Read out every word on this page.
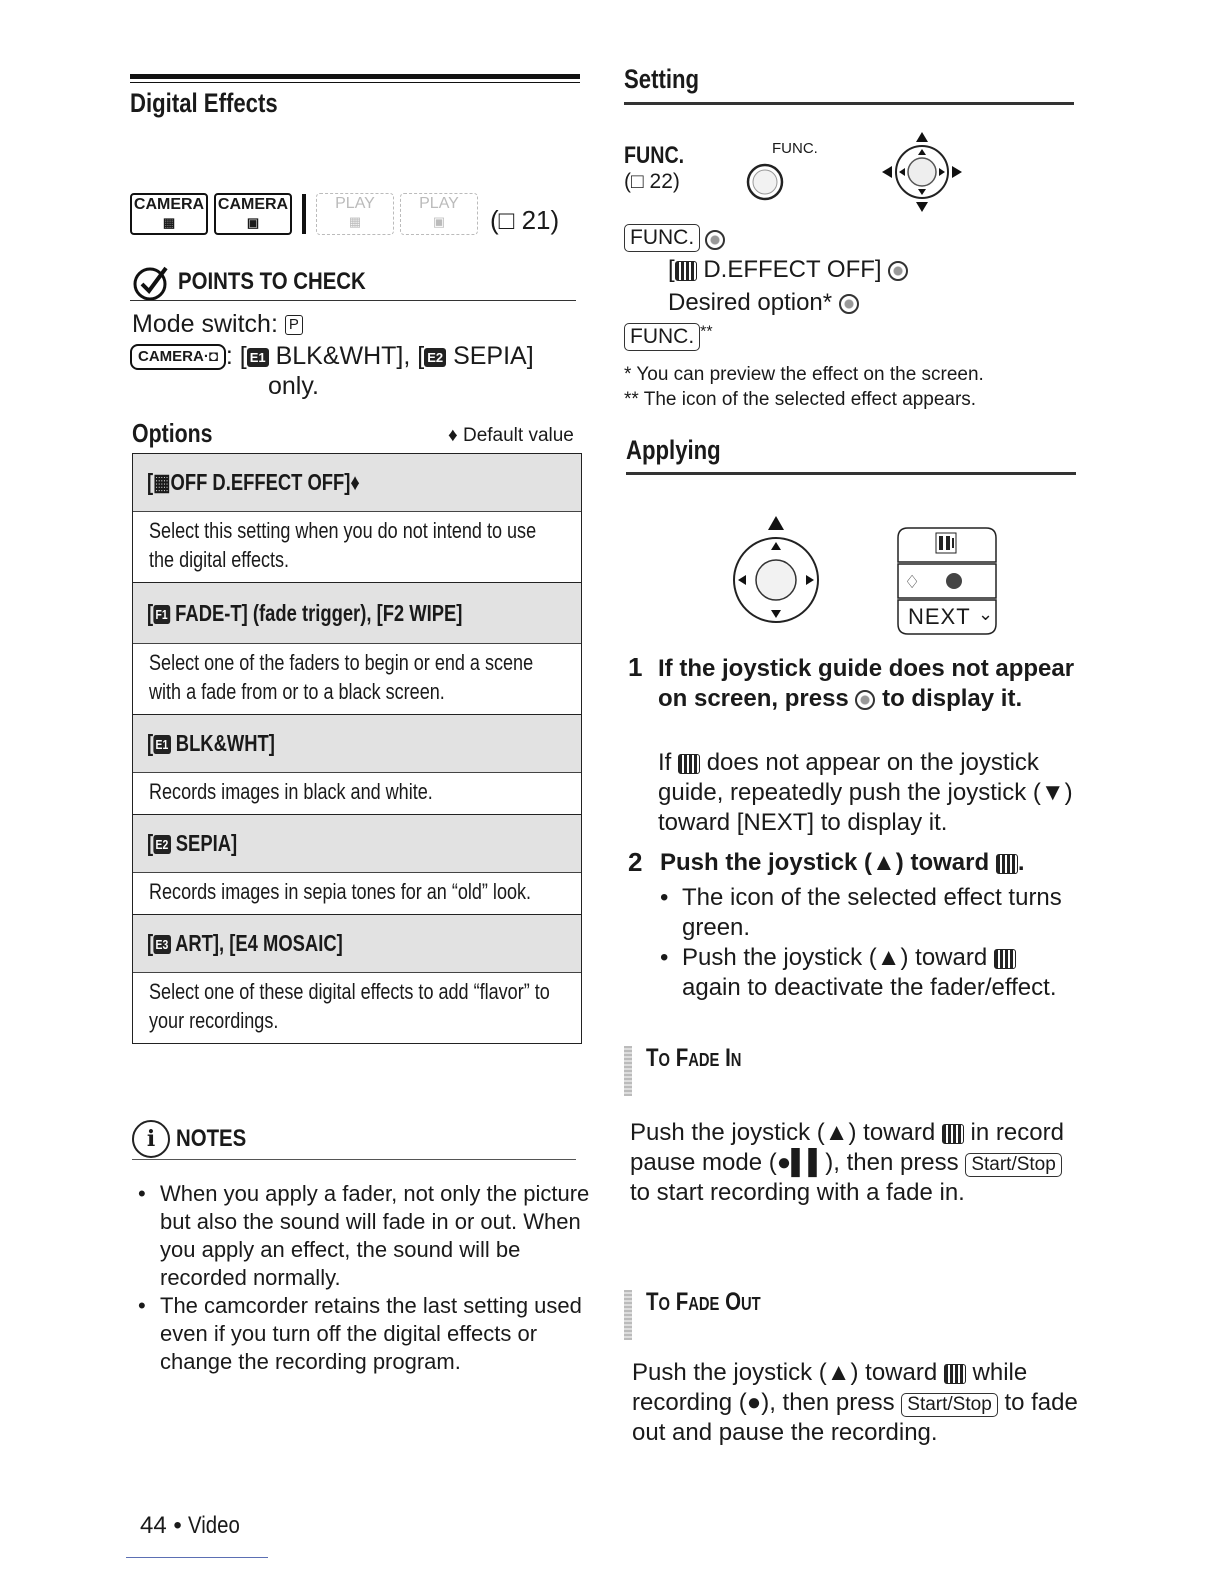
Digital Effects
CAMERA
▦
CAMERA
▣
PLAY
▦
PLAY
▣ (□ 21)
POINTS TO CHECK
Mode switch: P
CAMERA·◘ : [ E1 BLK&WHT], [ E2 SEPIA]
only.
Options	♦ Default value
[▦OFF D.EFFECT OFF]♦
Select this setting when you do not intend to use the digital effects.
[ F1 FADE-T] (fade trigger), [F2 WIPE]
Select one of the faders to begin or end a scene with a fade from or to a black screen.
[ E1 BLK&WHT]
Records images in black and white.
[ E2 SEPIA]
Records images in sepia tones for an “old” look.
[ E3 ART], [E4 MOSAIC]
Select one of these digital effects to add “flavor” to your recordings.
i NOTES
• When you apply a fader, not only the picture but also the sound will fade in or out. When you apply an effect, the sound will be recorded normally.
• The camcorder retains the last setting used even if you turn off the digital effects or change the recording program.
44 • Video
Setting
FUNC.
(□ 22)
FUNC.
FUNC.
[ D.EFFECT OFF]
Desired option*
FUNC. **
* You can preview the effect on the screen.
** The icon of the selected effect appears.
Applying
♢
NEXT ⌄
1 If the joystick guide does not appear on screen, press to display it.
If does not appear on the joystick guide, repeatedly push the joystick (▼) toward [NEXT] to display it.
2 Push the joystick (▲) toward .
• The icon of the selected effect turns green.
• Push the joystick (▲) toward  again to deactivate the fader/effect.
To Fade In
Push the joystick (▲) toward in record pause mode (●▌▌), then press Start/Stop to start recording with a fade in.
To Fade Out
Push the joystick (▲) toward while recording (●), then press Start/Stop to fade out and pause the recording.
